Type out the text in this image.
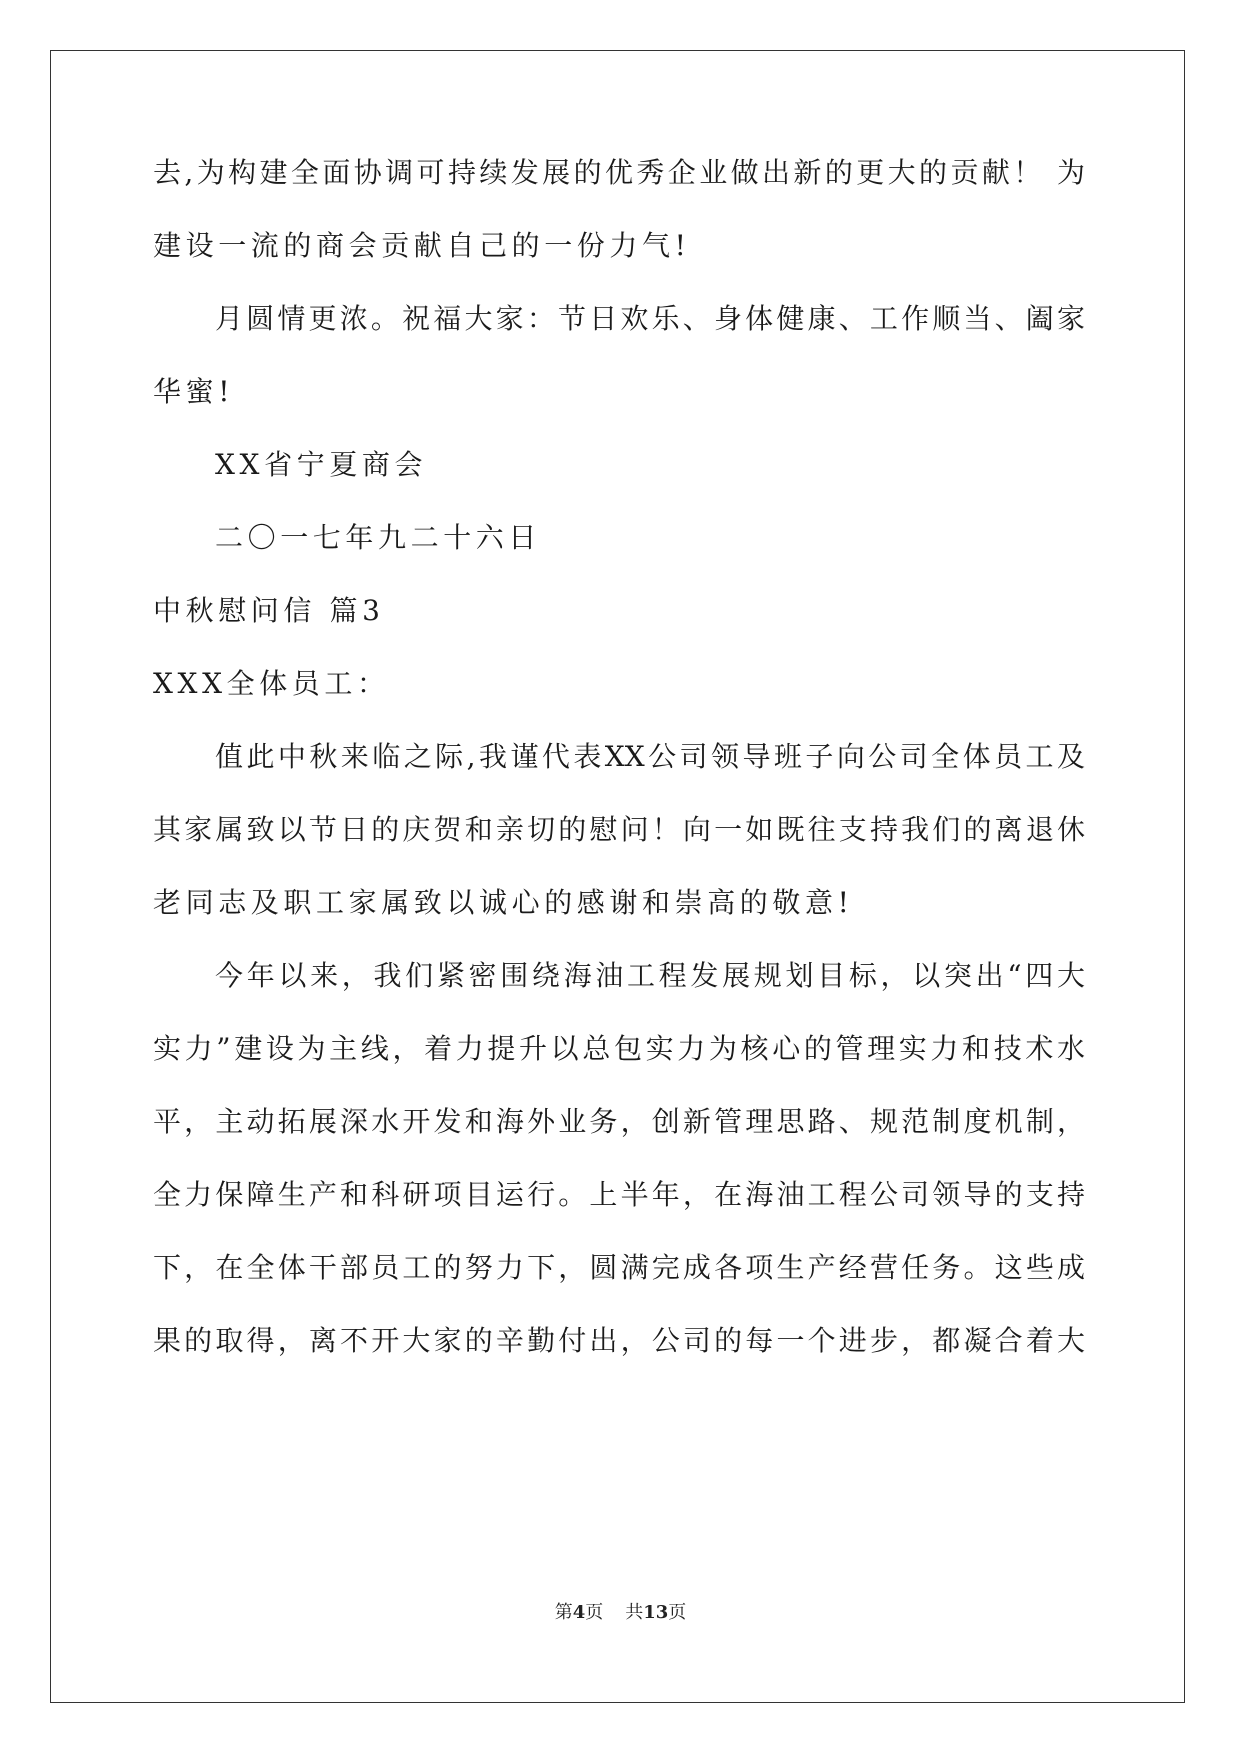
去,为构建全面协调可持续发展的优秀企业做出新的更大的贡献！ 为
建设一流的商会贡献自己的一份力气!
月圆情更浓。祝福大家：节日欢乐、身体健康、工作顺当、阖家
华蜜!
XX省宁夏商会
二〇一七年九二十六日
中秋慰问信 篇3
XXX全体员工：
值此中秋来临之际,我谨代表XX公司领导班子向公司全体员工及
其家属致以节日的庆贺和亲切的慰问！向一如既往支持我们的离退休
老同志及职工家属致以诚心的感谢和崇高的敬意!
今年以来，我们紧密围绕海油工程发展规划目标，以突出“四大
实力”建设为主线，着力提升以总包实力为核心的管理实力和技术水
平，主动拓展深水开发和海外业务，创新管理思路、规范制度机制，
全力保障生产和科研项目运行。上半年，在海油工程公司领导的支持
下，在全体干部员工的努力下，圆满完成各项生产经营任务。这些成
果的取得，离不开大家的辛勤付出，公司的每一个进步，都凝合着大
第4页 共13页
